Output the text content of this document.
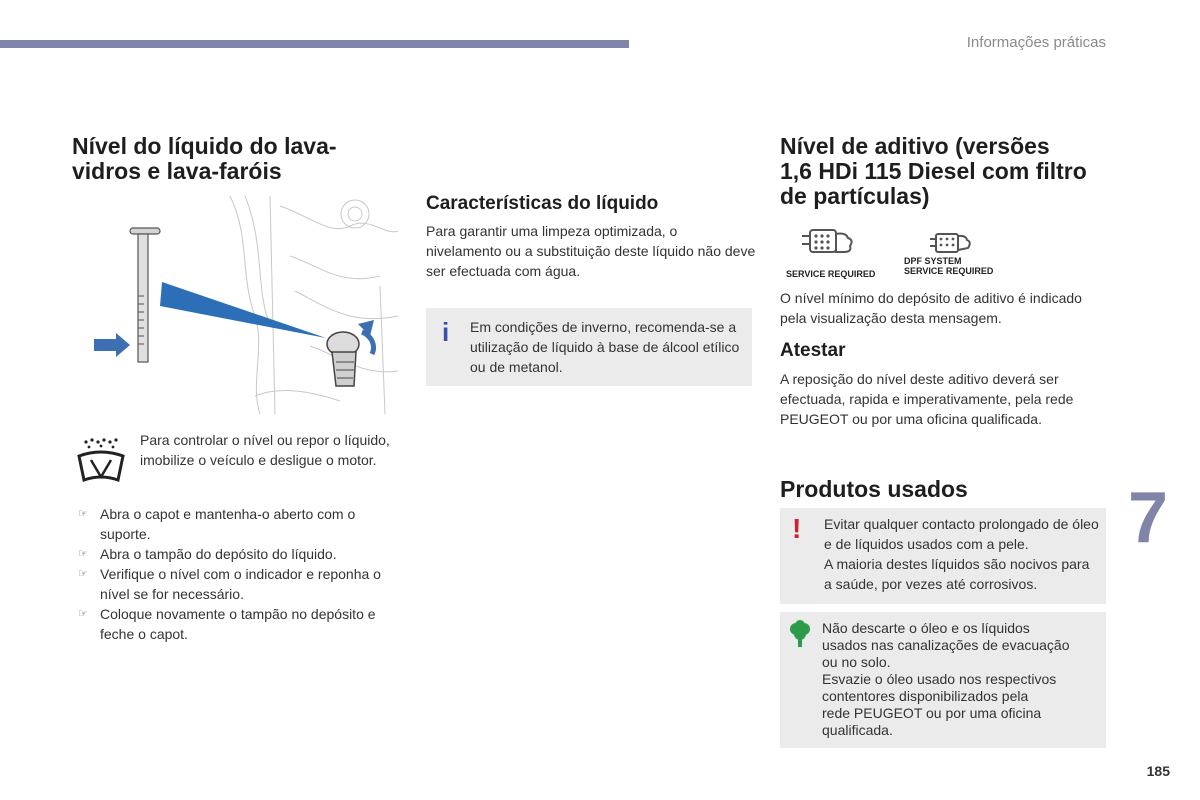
Informações práticas
Nível do líquido do lava-
vidros e lava-faróis

Para controlar o nível ou repor o líquido, imobilize o veículo e desligue o motor.

☞ Abra o capot e mantenha-o aberto com o suporte.
☞ Abra o tampão do depósito do líquido.
☞ Verifique o nível com o indicador e reponha o nível se for necessário.
☞ Coloque novamente o tampão no depósito e feche o capot.
Características do líquido

Para garantir uma limpeza optimizada, o nivelamento ou a substituição deste líquido não deve ser efectuada com água.

i Em condições de inverno, recomenda-se a utilização de líquido à base de álcool etílico ou de metanol.

Nível de aditivo (versões
1,6 HDi 115 Diesel com filtro
de partículas)
SERVICE REQUIRED
DPF SYSTEM
SERVICE REQUIRED

O nível mínimo do depósito de aditivo é indicado pela visualização desta mensagem.

Atestar

A reposição do nível deste aditivo deverá ser efectuada, rapida e imperativamente, pela rede PEUGEOT ou por uma oficina qualificada.

Produtos usados
! Evitar qualquer contacto prolongado de óleo e de líquidos usados com a pele.

A maioria destes líquidos são nocivos para a saúde, por vezes até corrosivos.

Não descarte o óleo e os líquidos
usados nas canalizações de evacuação
ou no solo.
Esvazie o óleo usado nos respectivos
contentores disponibilizados pela
rede PEUGEOT ou por uma oficina
qualificada.
7
185
